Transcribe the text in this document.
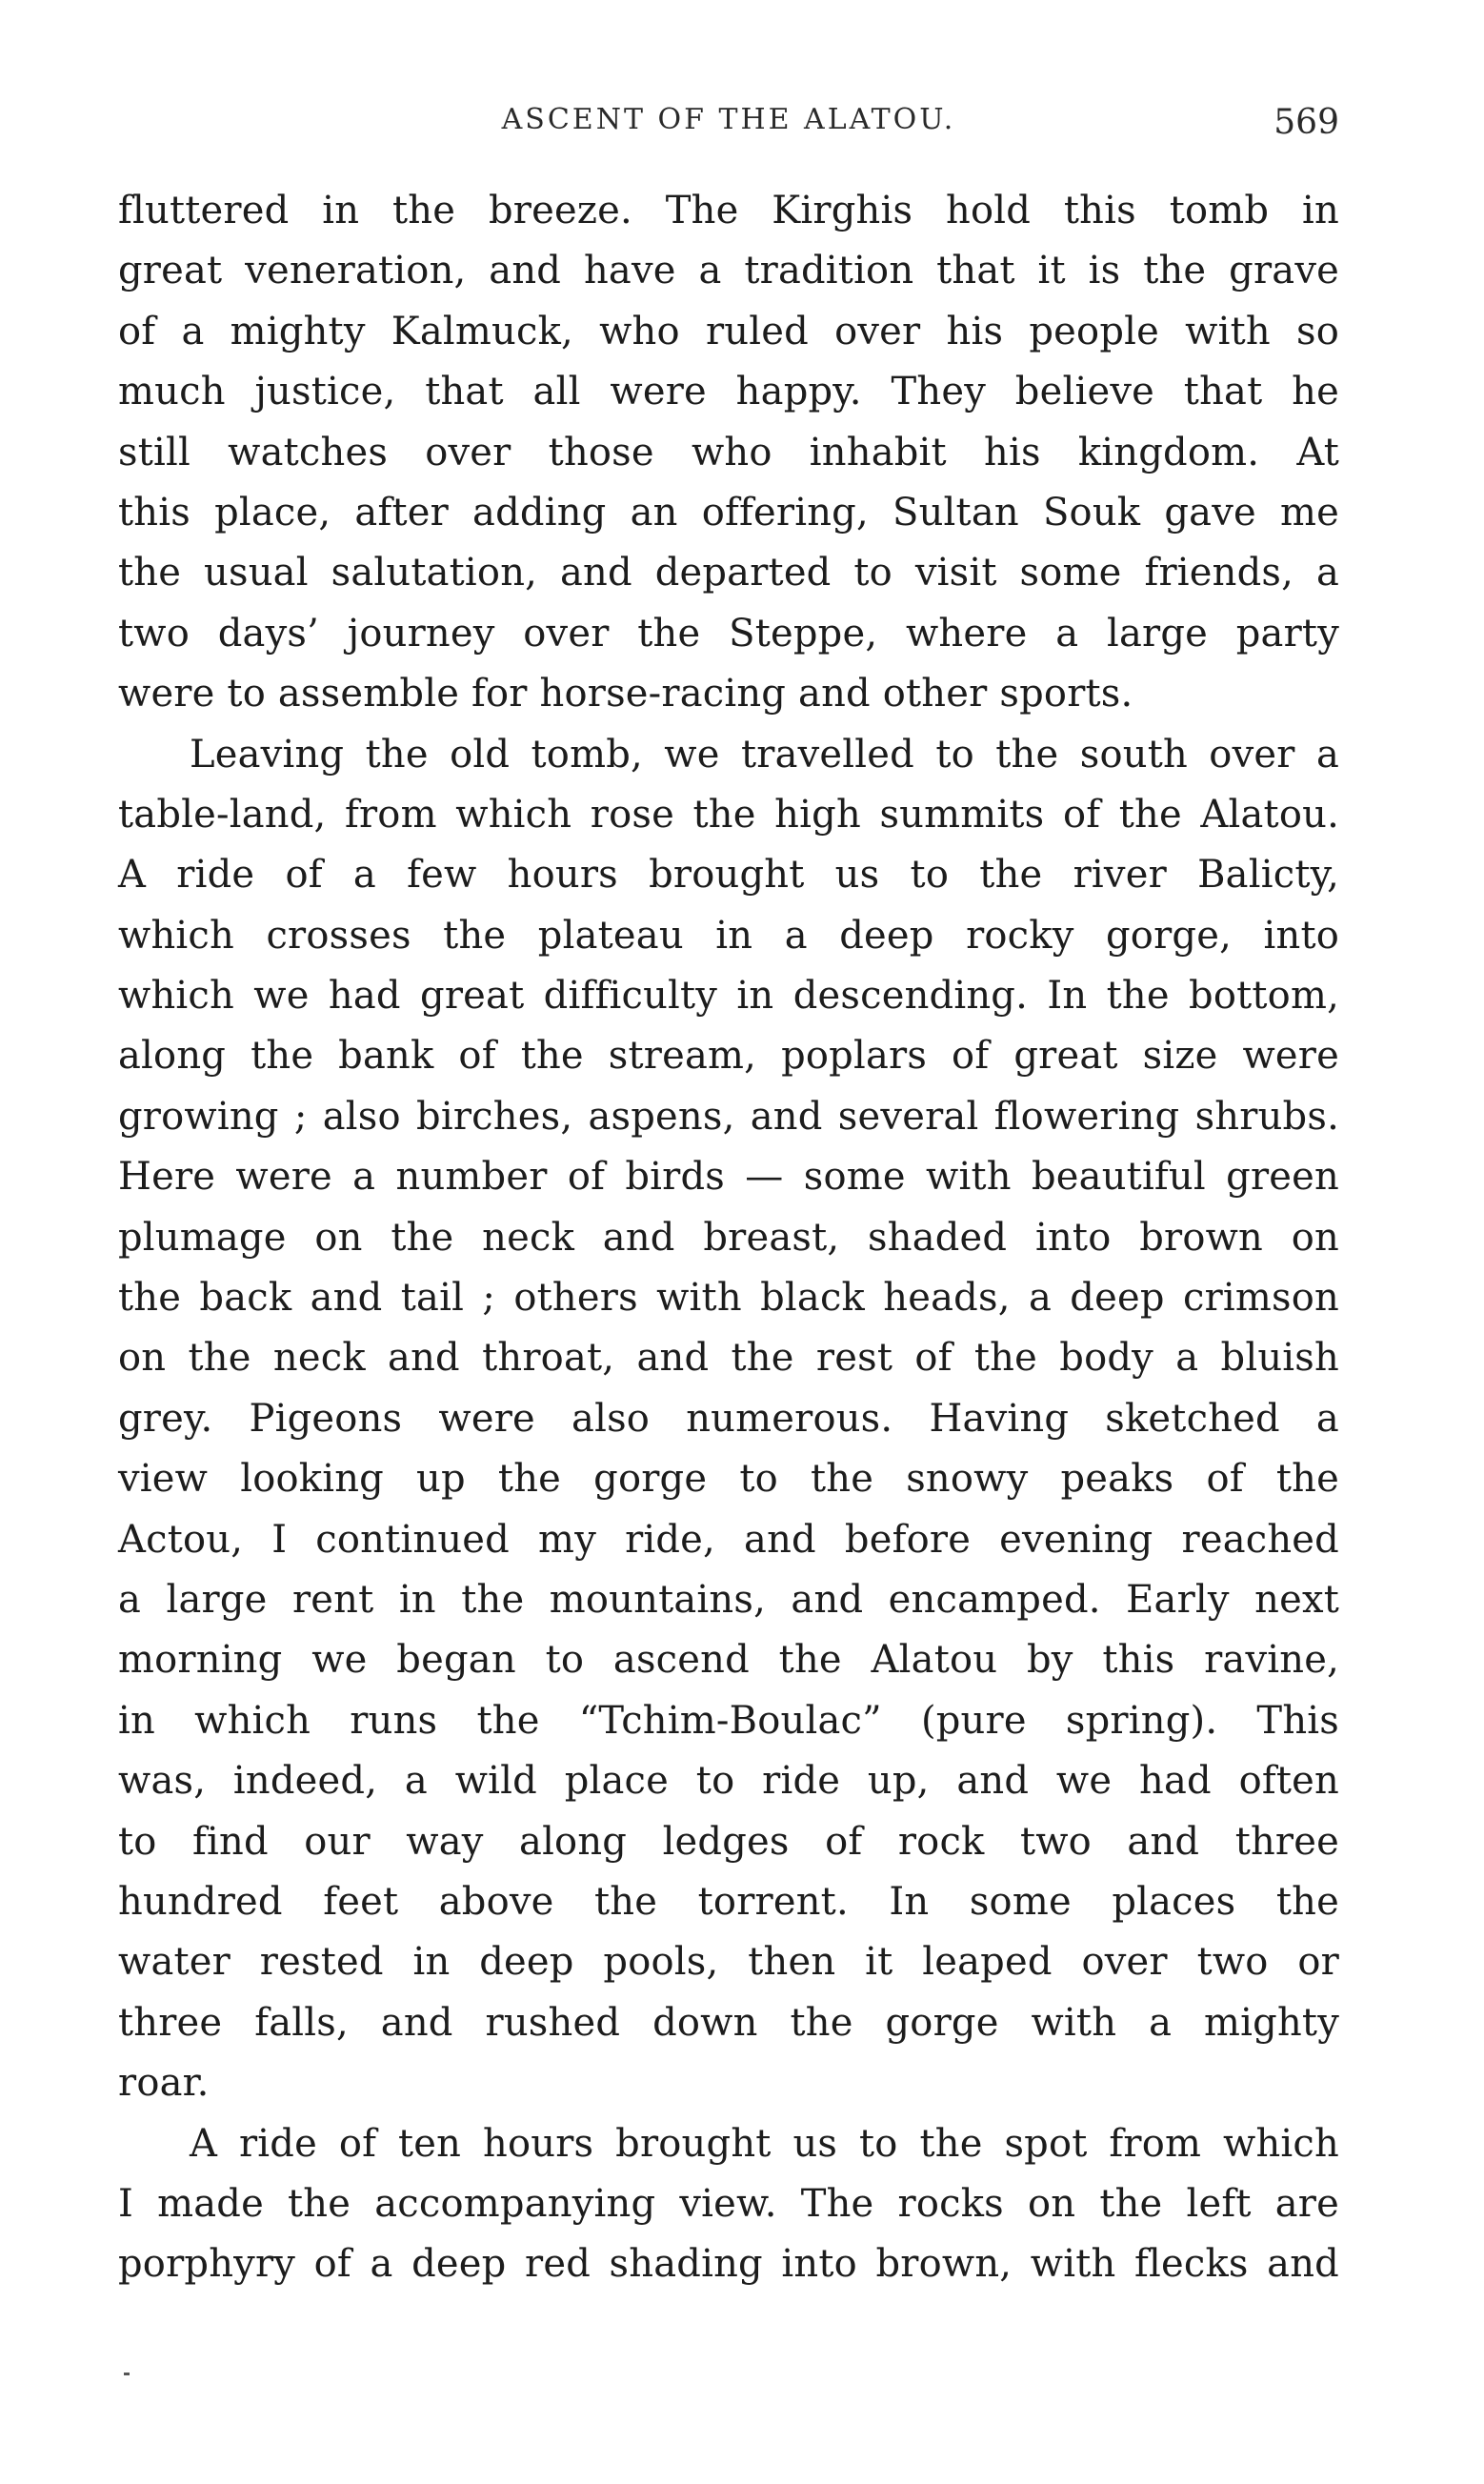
ASCENT OF THE ALATOU.	569
fluttered in the breeze. The Kirghis hold this tomb in
great veneration, and have a tradition that it is the grave
of a mighty Kalmuck, who ruled over his people with so
much justice, that all were happy. They believe that he
still watches over those who inhabit his kingdom. At
this place, after adding an offering, Sultan Souk gave me
the usual salutation, and departed to visit some friends, a
two days’ journey over the Steppe, where a large party
were to assemble for horse-racing and other sports.
Leaving the old tomb, we travelled to the south over a
table-land, from which rose the high summits of the Alatou.
A ride of a few hours brought us to the river Balicty,
which crosses the plateau in a deep rocky gorge, into
which we had great difficulty in descending. In the bottom,
along the bank of the stream, poplars of great size were
growing ; also birches, aspens, and several flowering shrubs.
Here were a number of birds — some with beautiful green
plumage on the neck and breast, shaded into brown on
the back and tail ; others with black heads, a deep crimson
on the neck and throat, and the rest of the body a bluish
grey. Pigeons were also numerous. Having sketched a
view looking up the gorge to the snowy peaks of the
Actou, I continued my ride, and before evening reached
a large rent in the mountains, and encamped. Early next
morning we began to ascend the Alatou by this ravine,
in which runs the “Tchim-Boulac” (pure spring). This
was, indeed, a wild place to ride up, and we had often
to find our way along ledges of rock two and three
hundred feet above the torrent. In some places the
water rested in deep pools, then it leaped over two or
three falls, and rushed down the gorge with a mighty
roar.
A ride of ten hours brought us to the spot from which
I made the accompanying view. The rocks on the left are
porphyry of a deep red shading into brown, with flecks and
